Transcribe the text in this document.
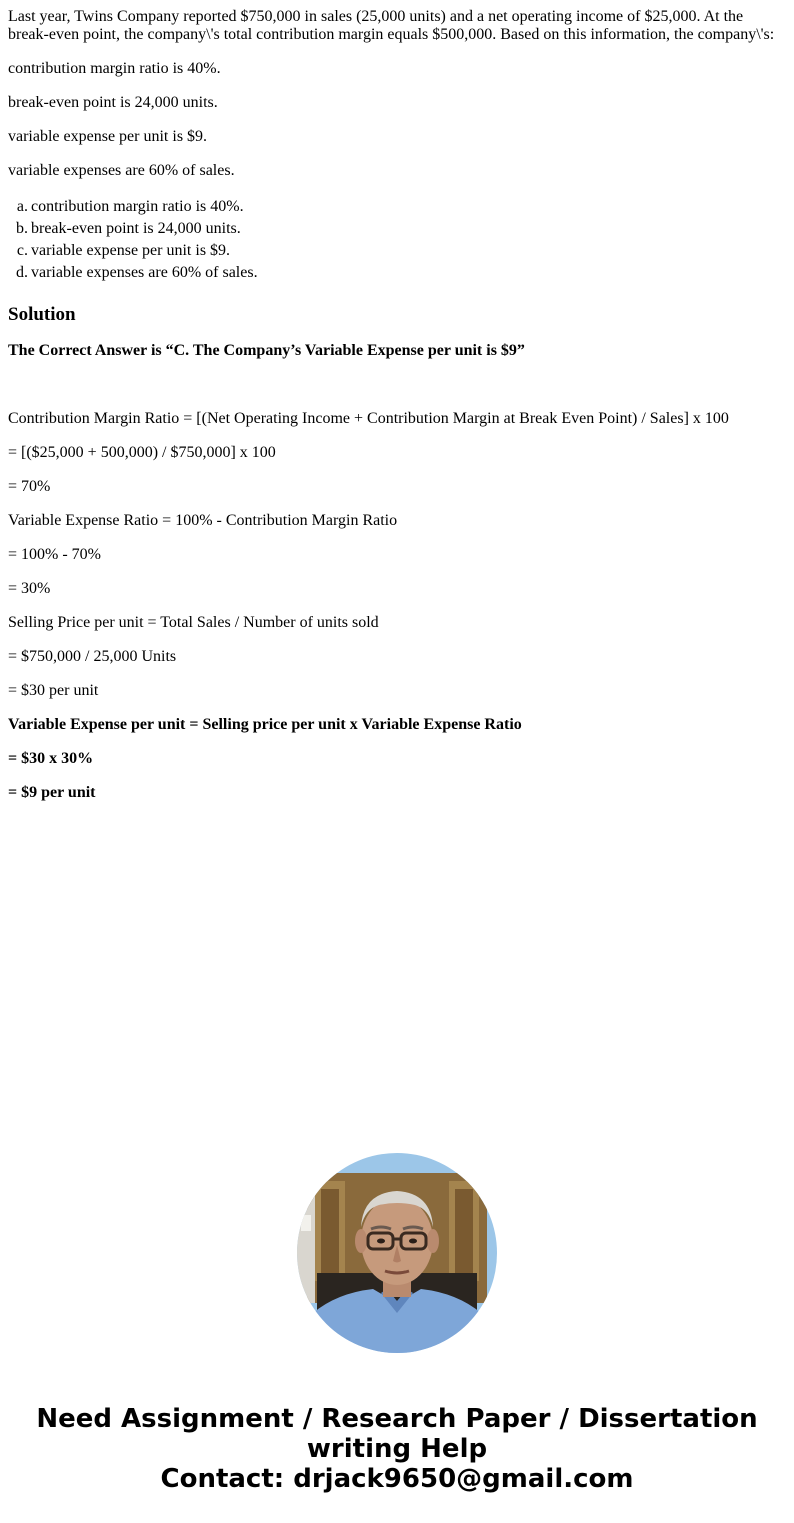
Last year, Twins Company reported $750,000 in sales (25,000 units) and a net operating income of $25,000. At the break-even point, the company\'s total contribution margin equals $500,000. Based on this information, the company\'s:

contribution margin ratio is 40%.

break-even point is 24,000 units.

variable expense per unit is $9.

variable expenses are 60% of sales.

a. contribution margin ratio is 40%.
b. break-even point is 24,000 units.
c. variable expense per unit is $9.
d. variable expenses are 60% of sales.
Solution

The Correct Answer is “C. The Company’s Variable Expense per unit is $9”

Contribution Margin Ratio = [(Net Operating Income + Contribution Margin at Break Even Point) / Sales] x 100

= [($25,000 + 500,000) / $750,000] x 100

= 70%

Variable Expense Ratio = 100% - Contribution Margin Ratio

= 100% - 70%

= 30%

Selling Price per unit = Total Sales / Number of units sold

= $750,000 / 25,000 Units

= $30 per unit

Variable Expense per unit = Selling price per unit x Variable Expense Ratio

= $30 x 30%

= $9 per unit

Need Assignment / Research Paper / Dissertation
writing Help
Contact: drjack9650@gmail.com
